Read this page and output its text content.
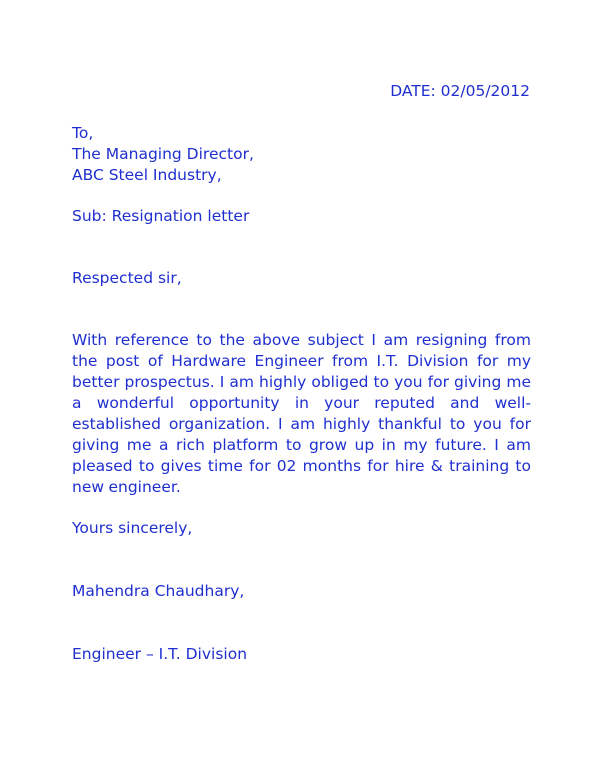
DATE: 02/05/2012

To,

The Managing Director,

ABC Steel Industry,

Sub: Resignation letter

Respected sir,

With reference to the above subject I am resigning from the post of Hardware Engineer from I.T. Division for my better prospectus. I am highly obliged to you for giving me a wonderful opportunity in your reputed and well-established organization. I am highly thankful to you for giving me a rich platform to grow up in my future. I am pleased to gives time for 02 months for hire & training to new engineer.

Yours sincerely,

Mahendra Chaudhary,

Engineer – I.T. Division
